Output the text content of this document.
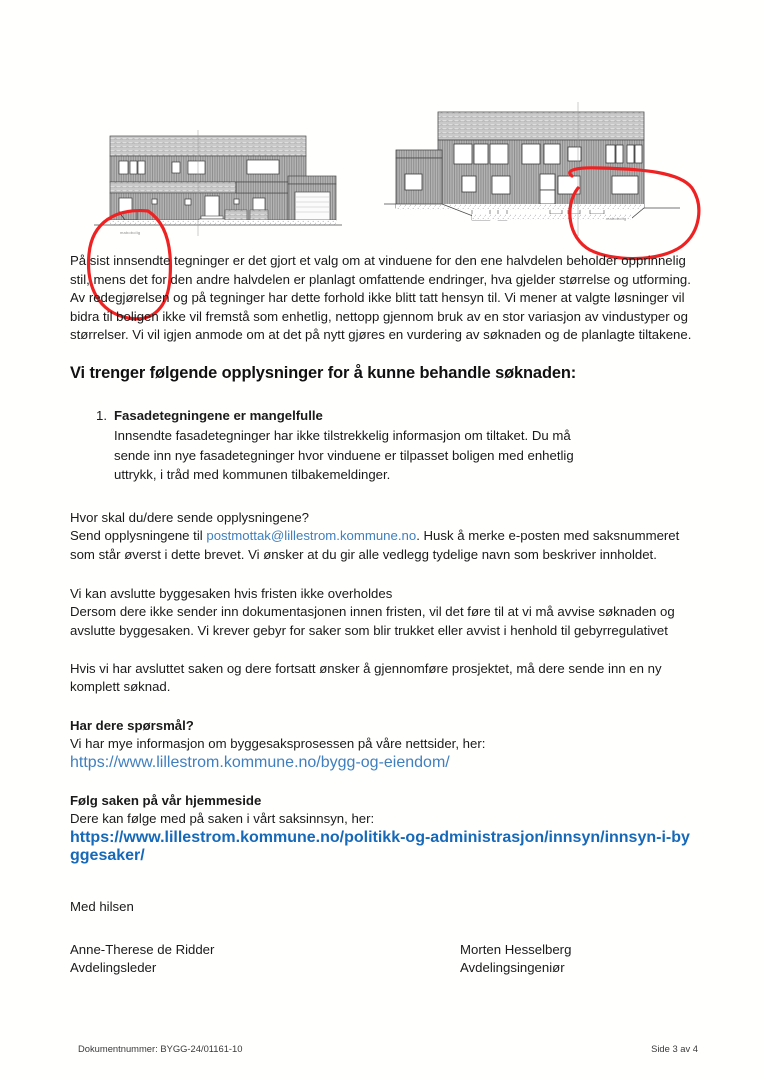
mabobolig
mabobolig

På sist innsendte tegninger er det gjort et valg om at vinduene for den ene halvdelen beholder opprinnelig stil, mens det for den andre halvdelen er planlagt omfattende endringer, hva gjelder størrelse og utforming. Av redegjørelsen og på tegninger har dette forhold ikke blitt tatt hensyn til. Vi mener at valgte løsninger vil bidra til boligen ikke vil fremstå som enhetlig, nettopp gjennom bruk av en stor variasjon av vindustyper og størrelser. Vi vil igjen anmode om at det på nytt gjøres en vurdering av søknaden og de planlagte tiltakene.

Vi trenger følgende opplysninger for å kunne behandle søknaden:
1. Fasadetegningene er mangelfulle
Innsendte fasadetegninger har ikke tilstrekkelig informasjon om tiltaket. Du må sende inn nye fasadetegninger hvor vinduene er tilpasset boligen med enhetlig uttrykk, i tråd med kommunen tilbakemeldinger.
Hvor skal du/dere sende opplysningene?
Send opplysningene til postmottak@lillestrom.kommune.no. Husk å merke e-posten med saksnummeret som står øverst i dette brevet. Vi ønsker at du gir alle vedlegg tydelige navn som beskriver innholdet.
Vi kan avslutte byggesaken hvis fristen ikke overholdes
Dersom dere ikke sender inn dokumentasjonen innen fristen, vil det føre til at vi må avvise søknaden og avslutte byggesaken. Vi krever gebyr for saker som blir trukket eller avvist i henhold til gebyrregulativet
Hvis vi har avsluttet saken og dere fortsatt ønsker å gjennomføre prosjektet, må dere sende inn en ny komplett søknad.
Har dere spørsmål?
Vi har mye informasjon om byggesaksprosessen på våre nettsider, her:
https://www.lillestrom.kommune.no/bygg-og-eiendom/
Følg saken på vår hjemmeside
Dere kan følge med på saken i vårt saksinnsyn, her:
https://www.lillestrom.kommune.no/politikk-og-administrasjon/innsyn/innsyn-i-byggesaker/
Med hilsen
Anne-Therese de Ridder
Avdelingsleder
Morten Hesselberg
Avdelingsingeniør
Dokumentnummer: BYGG-24/01161-10	Side 3 av 4
